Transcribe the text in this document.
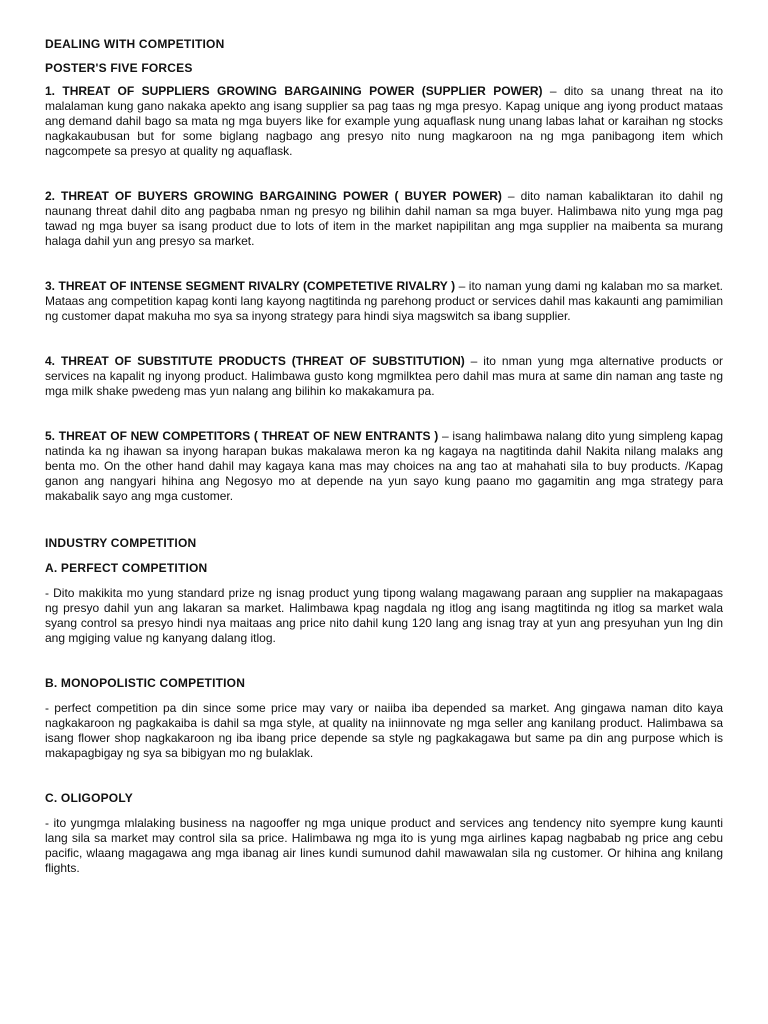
DEALING WITH COMPETITION

POSTER'S FIVE FORCES

1. THREAT OF SUPPLIERS GROWING BARGAINING POWER (SUPPLIER POWER) – dito sa unang threat na ito malalaman kung gano nakaka apekto ang isang supplier sa pag taas ng mga presyo. Kapag unique ang iyong product mataas ang demand dahil bago sa mata ng mga buyers like for example yung aquaflask nung unang labas lahat or karaihan ng stocks nagkakaubusan but for some biglang nagbago ang presyo nito nung magkaroon na ng mga panibagong item which nagcompete sa presyo at quality ng aquaflask.

2. THREAT OF BUYERS GROWING BARGAINING POWER ( BUYER POWER) – dito naman kabaliktaran ito dahil ng naunang threat dahil dito ang pagbaba nman ng presyo ng bilihin dahil naman sa mga buyer. Halimbawa nito yung mga pag tawad ng mga buyer sa isang product due to lots of item in the market napipilitan ang mga supplier na maibenta sa murang halaga dahil yun ang presyo sa market.

3. THREAT OF INTENSE SEGMENT RIVALRY (COMPETETIVE RIVALRY ) – ito naman yung dami ng kalaban mo sa market. Mataas ang competition kapag konti lang kayong nagtitinda ng parehong product or services dahil mas kakaunti ang pamimilian ng customer dapat makuha mo sya sa inyong strategy para hindi siya magswitch sa ibang supplier.

4. THREAT OF SUBSTITUTE PRODUCTS (THREAT OF SUBSTITUTION) – ito nman yung mga alternative products or services na kapalit ng inyong product. Halimbawa gusto kong mgmilktea pero dahil mas mura at same din naman ang taste ng mga milk shake pwedeng mas yun nalang ang bilihin ko makakamura pa.

5. THREAT OF NEW COMPETITORS ( THREAT OF NEW ENTRANTS ) – isang halimbawa nalang dito yung simpleng kapag natinda ka ng ihawan sa inyong harapan bukas makalawa meron ka ng kagaya na nagtitinda dahil Nakita nilang malaks ang benta mo. On the other hand dahil may kagaya kana mas may choices na ang tao at mahahati sila to buy products. /Kapag ganon ang nangyari hihina ang Negosyo mo at depende na yun sayo kung paano mo gagamitin ang mga strategy para makabalik sayo ang mga customer.

INDUSTRY COMPETITION

A. PERFECT COMPETITION

- Dito makikita mo yung standard prize ng isnag product yung tipong walang magawang paraan ang supplier na makapagaas ng presyo dahil yun ang lakaran sa market. Halimbawa kpag nagdala ng itlog ang isang magtitinda ng itlog sa market wala syang control sa presyo hindi nya maitaas ang price nito dahil kung 120 lang ang isnag tray at yun ang presyuhan yun lng din ang mgiging value ng kanyang dalang itlog.

B. MONOPOLISTIC COMPETITION

- perfect competition pa din since some price may vary or naiiba iba depended sa market. Ang gingawa naman dito kaya nagkakaroon ng pagkakaiba is dahil sa mga style, at quality na iniinnovate ng mga seller ang kanilang product. Halimbawa sa isang flower shop nagkakaroon ng iba ibang price depende sa style ng pagkakagawa but same pa din ang purpose which is makapagbigay ng sya sa bibigyan mo ng bulaklak.

C. OLIGOPOLY

- ito yungmga mlalaking business na nagooffer ng mga unique product and services ang tendency nito syempre kung kaunti lang sila sa market may control sila sa price. Halimbawa ng mga ito is yung mga airlines kapag nagbabab ng price ang cebu pacific, wlaang magagawa ang mga ibanag air lines kundi sumunod dahil mawawalan sila ng customer. Or hihina ang knilang flights.
